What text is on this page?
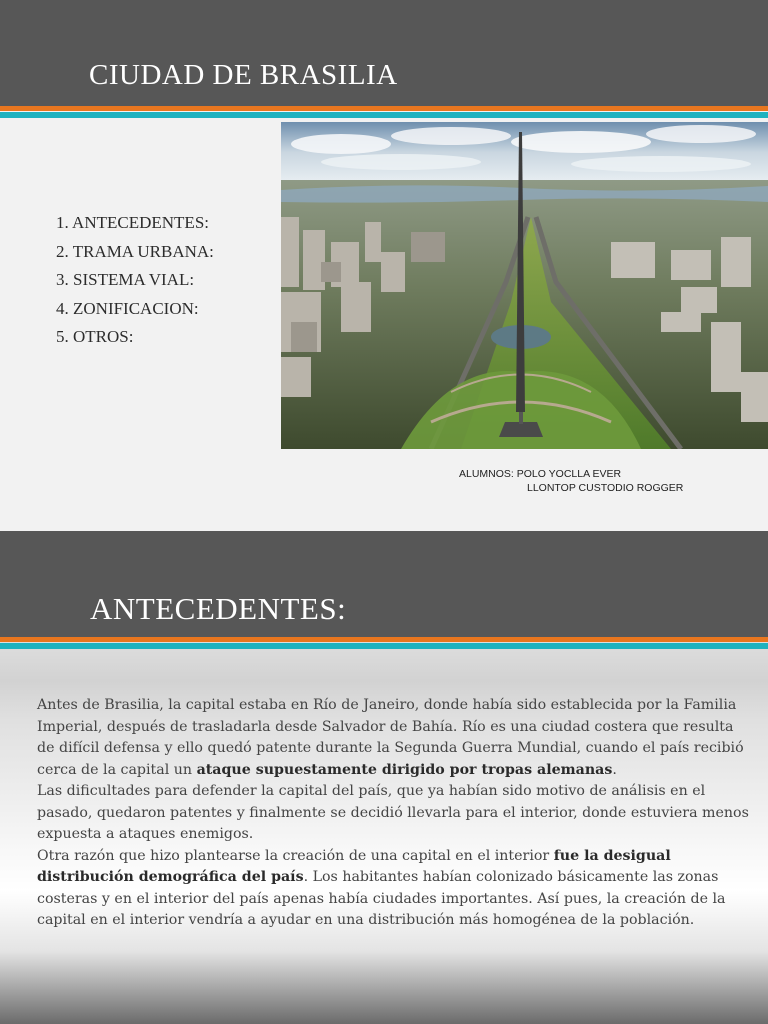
CIUDAD DE BRASILIA
1. ANTECEDENTES:
2. TRAMA URBANA:
3. SISTEMA VIAL:
4. ZONIFICACION:
5. OTROS:
ALUMNOS: POLO YOCLLA EVER
LLONTOP CUSTODIO ROGGER
ANTECEDENTES:

Antes de Brasilia, la capital estaba en Río de Janeiro, donde había sido establecida por la Familia Imperial, después de trasladarla desde Salvador de Bahía. Río es una ciudad costera que resulta de difícil defensa y ello quedó patente durante la Segunda Guerra Mundial, cuando el país recibió cerca de la capital un ataque supuestamente dirigido por tropas alemanas.
Las dificultades para defender la capital del país, que ya habían sido motivo de análisis en el pasado, quedaron patentes y finalmente se decidió llevarla para el interior, donde estuviera menos expuesta a ataques enemigos.
Otra razón que hizo plantearse la creación de una capital en el interior fue la desigual distribución demográfica del país. Los habitantes habían colonizado básicamente las zonas costeras y en el interior del país apenas había ciudades importantes. Así pues, la creación de la capital en el interior vendría a ayudar en una distribución más homogénea de la población.
